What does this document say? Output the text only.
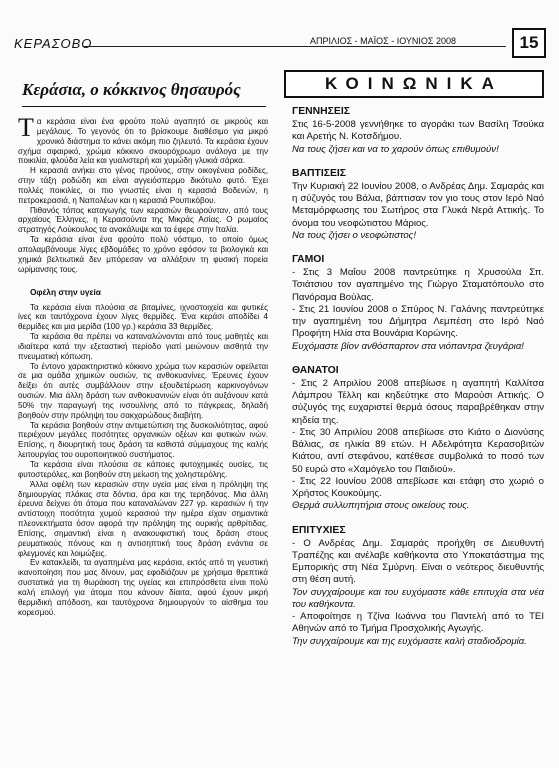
ΚΕΡΑΣΟΒΟ	ΑΠΡΙΛΙΟΣ - ΜΑΪΟΣ - ΙΟΥΝΙΟΣ 2008	15
Κεράσια, ο κόκκινος θησαυρός

Τα κεράσια είναι ένα φρούτο πολύ αγαπητό σε μικρούς και μεγάλους. Το γεγονός ότι το βρίσκουμε διαθέσιμο για μικρό χρονικό διάστημα το κάνει ακόμη πιο ζηλευτό. Τα κεράσια έχουν σχήμα σφαιρικό, χρώμα κόκκινο σκουρόχρωμο ανάλογα με την ποικιλία, φλούδα λεία και γυαλιστερή και χυμώδη γλυκιά σάρκα.

Η κερασιά ανήκει στο γένος προύνος, στην οικογένεια ροδίδες, στην τάξη ροδώδη και είναι αγγειόσπερμο δικότυλο φυτό. Έχει πολλές ποικιλίες, οι πιο γνωστές είναι η κερασιά Βοδενών, η πετροκερασιά, η Ναπολέων και η κερασιά Ρουπικόβου.

Πιθανός τόπος καταγωγής των κερασιών θεωρούνταν, από τους αρχαίους Έλληνες, η Κερασούντα της Μικράς Ασίας. Ο ρωμαίος στρατηγός Λούκουλος τα ανακάλυψε και τα έφερε στην Ιταλία.

Τα κεράσια είναι ένα φρούτο πολύ νόστιμο, το οποίο όμως απολαμβάνουμε λίγες εβδομάδες το χρόνο εφόσον τα βιολογικά και χημικά βελτιωτικά δεν μπόρεσαν να αλλάξουν τη φυσική πορεία ωρίμανσης τους.

Οφέλη στην υγεία

Τα κεράσια είναι πλούσια σε βιταμίνες, ιχνοστοιχεία και φυτικές ίνες και ταυτόχρονα έχουν λίγες θερμίδες. Ένα κεράσι αποδίδει 4 θερμίδες και μια μερίδα (100 γρ.) κεράσια 33 θερμίδες.

Τα κεράσια θα πρέπει να καταναλώνονται από τους μαθητές και ιδιαίτερα κατά την εξεταστική περίοδο γιατί μειώνουν αισθητά την πνευματική κόπωση.

Το έντονο χαρακτηριστικό κόκκινο χρώμα των κερασιών οφείλεται σε μια ομάδα χημικών ουσιών, τις ανθοκυανίνες. Έρευνες έχουν δείξει ότι αυτές συμβάλλουν στην εξουδετέρωση καρκινογόνων ουσιών. Μια άλλη δράση των ανθοκυανινών είναι ότι αυξάνουν κατά 50% την παραγωγή της ινσουλίνης από το πάγκρεας, δηλαδή βοηθούν στην πρόληψη του σακχαρώδους διαβήτη.

Τα κεράσια βοηθούν στην αντιμετώπιση της δυσκοιλιότητας, αφού περιέχουν μεγάλες ποσότητες οργανικών οξέων και φυτικών ινών. Επίσης, η διουρητική τους δράση τα καθιστά σύμμαχους της καλής λειτουργίας του ουροποιητικού συστήματος.

Τα κεράσια είναι πλούσια σε κάποιες φυτοχημικές ουσίες, τις φυτοστερόλες, και βοηθούν στη μείωση της χοληστερόλης.

Άλλα οφέλη των κερασιών στην υγεία μας είναι η πρόληψη της δημιουργίας πλάκας στα δόντια, άρα και της τερηδόνας. Μια άλλη έρευνα δείχνει ότι άτομα που καταναλώναν 227 γρ. κερασιών ή την αντίστοιχη ποσότητα χυμού κερασιού την ημέρα είχαν σημαντικά πλεονεκτήματα όσον αφορά την πρόληψη της ουρικής αρθρίτιδας. Επίσης, σημαντική είναι η ανακουφιστική τους δράση στους ρευματικούς πόνους και η αντισηπτική τους δράση ενάντια σε φλεγμονές και λοιμώξεις.

Εν κατακλείδι, τα αγαπημένα μας κεράσια, εκτός από τη γευστική ικανοποίηση που μας δίνουν, μας εφοδιάζουν με χρήσιμα θρεπτικά συστατικά για τη θωράκιση της υγείας και επιπρόσθετα είναι πολύ καλή επιλογή για άτομα που κάνουν δίαιτα, αφού έχουν μικρή θερμιδική απόδοση, και ταυτόχρονα δημιουργούν το αίσθημα του κορεσμού.

ΚΟΙΝΩΝΙΚΑ
ΓΕΝΝΗΣΕΙΣ

Στις 16-5-2008 γεννήθηκε το αγοράκι των Βασίλη Τσούκα και Αρετής Ν. Κοτσδήμου.

Να τους ζήσει και να το χαρούν όπως επιθυμούν!

ΒΑΠΤΙΣΕΙΣ

Την Κυριακή 22 Ιουνίου 2008, ο Ανδρέας Δημ. Σαμαράς και η σύζυγός του Βάλια, βάπτισαν τον γιο τους στον Ιερό Ναό Μεταμόρφωσης του Σωτήρος στα Γλυκά Νερά Αττικής. Το όνομα του νεοφώτιστου Μάριος.

Να τους ζήσει ο νεοφώτιστος!

ΓΑΜΟΙ

- Στις 3 Μαΐου 2008 παντρεύτηκε η Χρυσούλα Σπ. Τσιάτσιου τον αγαπημένο της Γιώργο Σταματόπουλο στο Πανόραμα Βούλας.

- Στις 21 Ιουνίου 2008 ο Σπύρος Ν. Γαλάνης παντρεύτηκε την αγαπημένη του Δήμητρα Λεμπέση στο Ιερό Ναό Προφήτη Ηλία στα Βουνάρια Κορώνης.

Ευχόμαστε βίον ανθόσπαρτον στα νιόπαντρα ζευγάρια!

ΘΑΝΑΤΟΙ

- Στις 2 Απριλίου 2008 απεβίωσε η αγαπητή Καλλίτσα Λάμπρου Τέλλη και κηδεύτηκε στο Μαρούσι Αττικής. Ο σύζυγός της ευχαριστεί θερμά όσους παραβρέθηκαν στην κηδεία της.

- Στις 30 Απριλίου 2008 απεβίωσε στο Κιάτο ο Διονύσης Βάλιας, σε ηλικία 89 ετών. Η Αδελφότητα Κερασοβιτών Κιάτου, αντί στεφάνου, κατέθεσε συμβολικά το ποσό των 50 ευρώ στο «Χαμόγελο του Παιδιού».

- Στις 22 Ιουνίου 2008 απεβίωσε και ετάφη στο χωριό ο Χρήστος Κουκούμης.

Θερμά συλλυπητήρια στους οικείους τους.

ΕΠΙΤΥΧΙΕΣ

- Ο Ανδρέας Δημ. Σαμαράς προήχθη σε Διευθυντή Τραπέζης και ανέλαβε καθήκοντα στο Υποκατάστημα της Εμπορικής στη Νέα Σμύρνη. Είναι ο νεότερος διευθυντής στη θέση αυτή.

Τον συγχαίρουμε και του ευχόμαστε κάθε επιτυχία στα νέα του καθήκοντα.

- Αποφοίτησε η Τζίνα Ιωάννα του Παντελή από το ΤΕΙ Αθηνών από το Τμήμα Προσχολικής Αγωγής.

Την συγχαίρουμε και της ευχόμαστε καλή σταδιοδρομία.
